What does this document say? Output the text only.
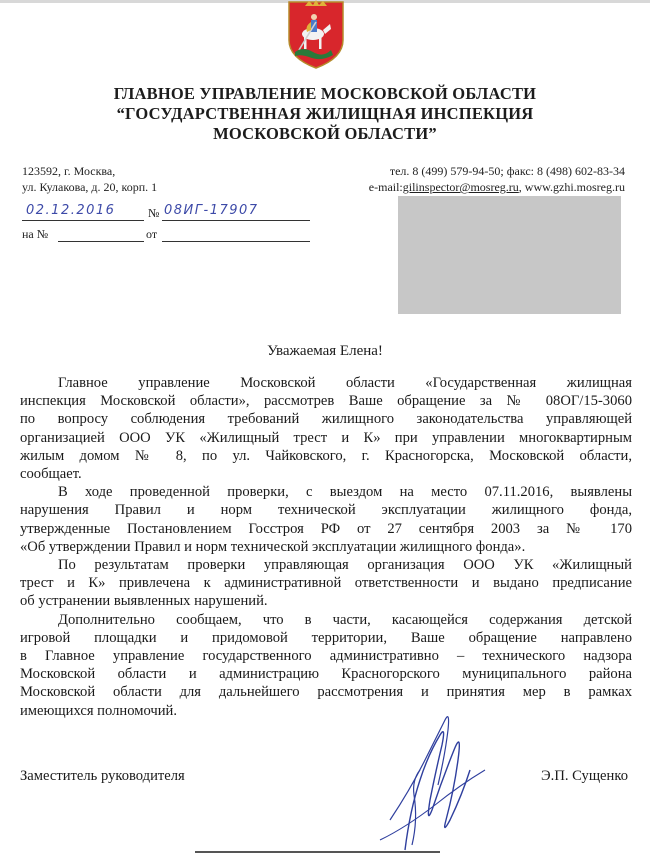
ГЛАВНОЕ УПРАВЛЕНИЕ МОСКОВСКОЙ ОБЛАСТИ
“ГОСУДАРСТВЕННАЯ ЖИЛИЩНАЯ ИНСПЕКЦИЯ
МОСКОВСКОЙ ОБЛАСТИ”
123592, г. Москва,
ул. Кулакова, д. 20, корп. 1
тел. 8 (499) 579-94-50; факс: 8 (498) 602-83-34
e-mail:gilinspector@mosreg.ru, www.gzhi.mosreg.ru
02.12.2016	№ 08ИГ-17907
на №	от
Уважаемая Елена!

Главное управление Московской области «Государственная жилищная
инспекция Московской области», рассмотрев Ваше обращение за № 08ОГ/15-3060
по вопросу соблюдения требований жилищного законодательства управляющей
организацией ООО УК «Жилищный трест и К» при управлении многоквартирным
жилым домом № 8, по ул. Чайковского, г. Красногорска, Московской области,
сообщает.

В ходе проведенной проверки, с выездом на место 07.11.2016, выявлены
нарушения Правил и норм технической эксплуатации жилищного фонда,
утвержденные Постановлением Госстроя РФ от 27 сентября 2003 за № 170
«Об утверждении Правил и норм технической эксплуатации жилищного фонда».

По результатам проверки управляющая организация ООО УК «Жилищный
трест и К» привлечена к административной ответственности и выдано предписание
об устранении выявленных нарушений.

Дополнительно сообщаем, что в части, касающейся содержания детской
игровой площадки и придомовой территории, Ваше обращение направлено
в Главное управление государственного административно – технического надзора
Московской области и администрацию Красногорского муниципального района
Московской области для дальнейшего рассмотрения и принятия мер в рамках
имеющихся полномочий.

Заместитель руководителя	Э.П. Сущенко
